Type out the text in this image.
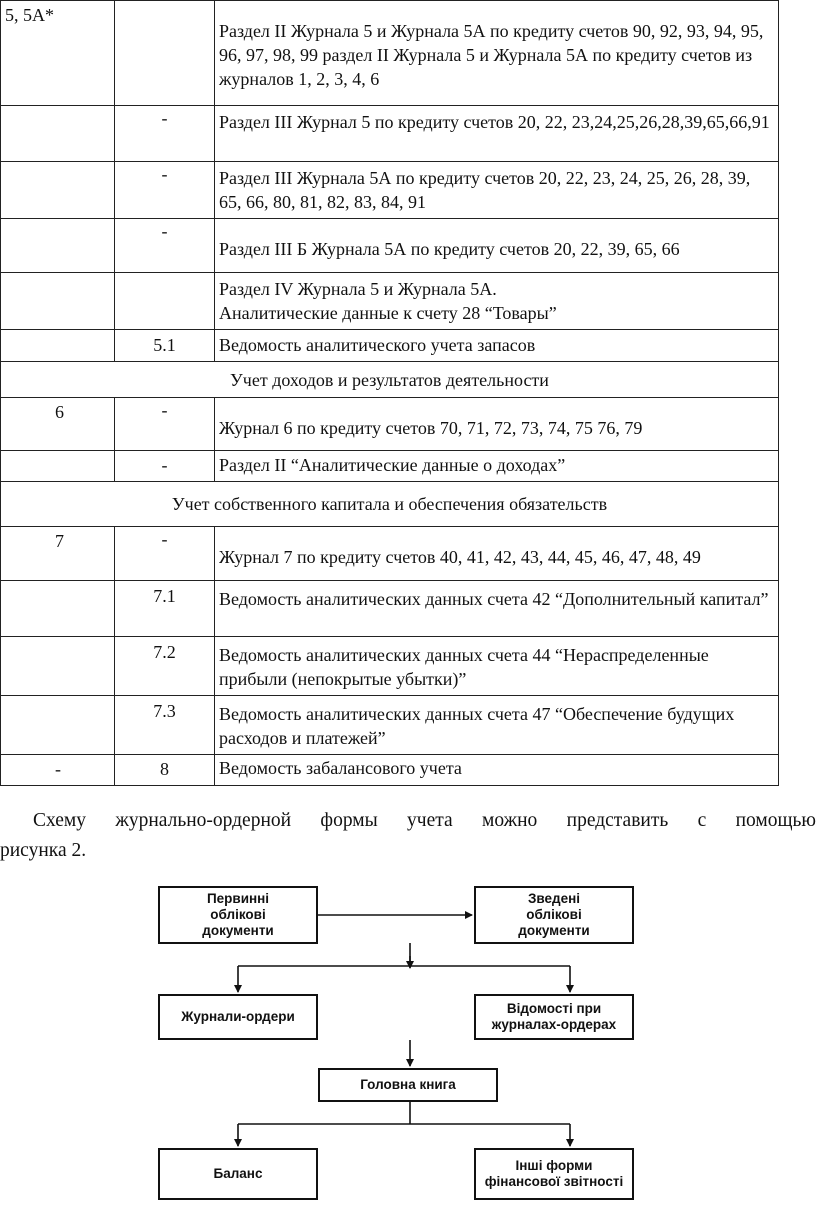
5, 5А*		Раздел II Журнала 5 и Журнала 5А по кредиту счетов 90, 92, 93, 94, 95, 96, 97, 98, 99 раздел II Журнала 5 и Журнала 5А по кредиту счетов из журналов 1, 2, 3, 4, 6
	-	Раздел III Журнал 5 по кредиту счетов 20, 22, 23,24,25,26,28,39,65,66,91
	-	Раздел III Журнала 5А по кредиту счетов 20, 22, 23, 24, 25, 26, 28, 39, 65, 66, 80, 81, 82, 83, 84, 91
	-	Раздел III Б Журнала 5А по кредиту счетов 20, 22, 39, 65, 66

		Раздел IV Журнала 5 и Журнала 5А.
Аналитические данные к счету 28 “Товары”

	5.1	Ведомость аналитического учета запасов
Учет доходов и результатов деятельности		
6	-	Журнал 6 по кредиту счетов 70, 71, 72, 73, 74, 75 76, 79
	-	Раздел II “Аналитические данные о доходах”
Учет собственного капитала и обеспечения обязательств		
7	-	Журнал 7 по кредиту счетов 40, 41, 42, 43, 44, 45, 46, 47, 48, 49
	7.1	Ведомость аналитических данных счета 42 “Дополнительный капитал”
	7.2	Ведомость аналитических данных счета 44 “Нераспределенные прибыли (непокрытые убытки)”
	7.3	Ведомость аналитических данных счета 47 “Обеспечение будущих расходов и платежей”
-	8	Ведомость забалансового учета

Схему журнально-ордерной формы учета можно представить с помощью
рисунка 2.

Первинні
облікові
документи
Зведені
облікові
документи
Журнали-ордери
Відомості при
журналах-ордерах
Головна книга
Баланс
Інші форми
фінансової звітності
